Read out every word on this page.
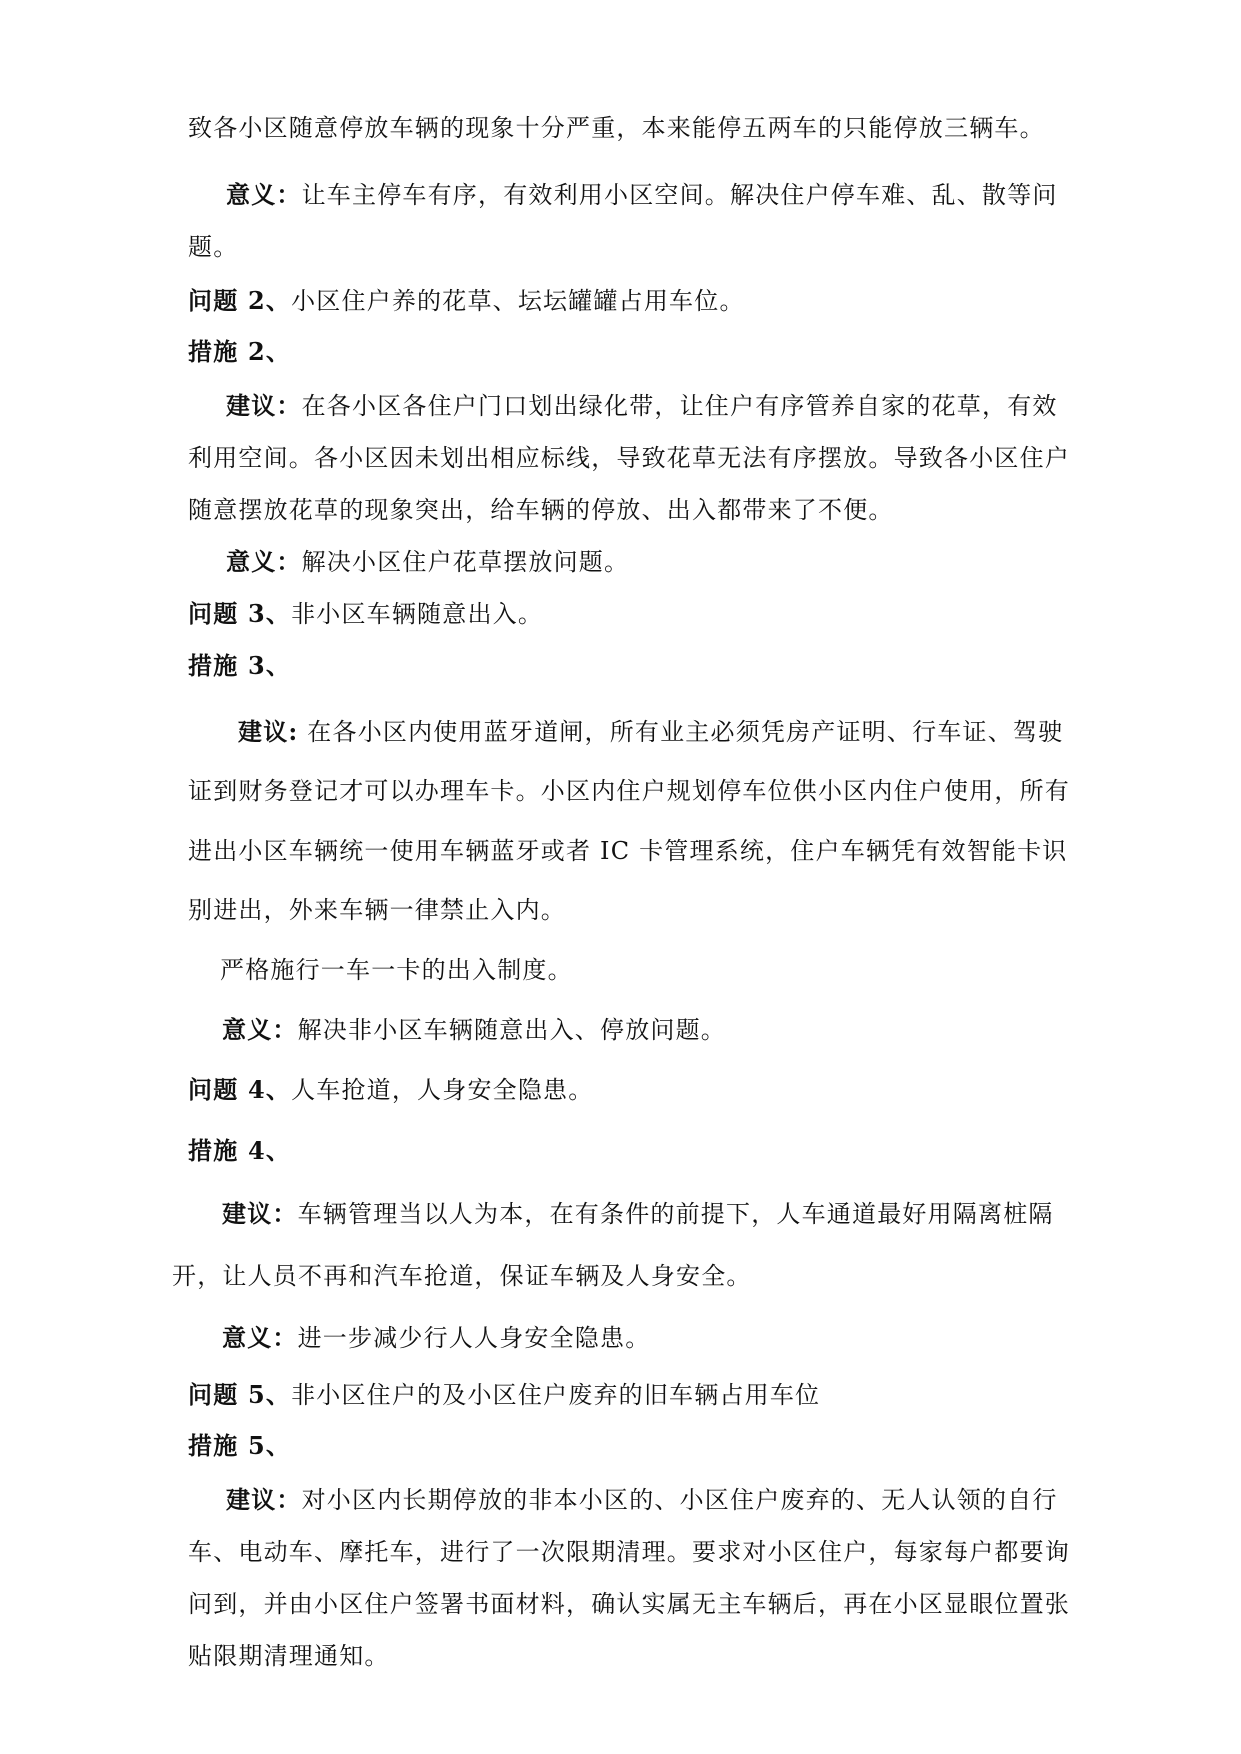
致各小区随意停放车辆的现象十分严重，本来能停五两车的只能停放三辆车。
意义：让车主停车有序，有效利用小区空间。解决住户停车难、乱、散等问
题。
问题 2、小区住户养的花草、坛坛罐罐占用车位。
措施 2、
建议：在各小区各住户门口划出绿化带，让住户有序管养自家的花草，有效
利用空间。各小区因未划出相应标线，导致花草无法有序摆放。导致各小区住户
随意摆放花草的现象突出，给车辆的停放、出入都带来了不便。
意义：解决小区住户花草摆放问题。
问题 3、非小区车辆随意出入。
措施 3、
建议: 在各小区内使用蓝牙道闸，所有业主必须凭房产证明、行车证、驾驶
证到财务登记才可以办理车卡。小区内住户规划停车位供小区内住户使用，所有
进出小区车辆统一使用车辆蓝牙或者 IC 卡管理系统，住户车辆凭有效智能卡识
别进出，外来车辆一律禁止入内。
严格施行一车一卡的出入制度。
意义：解决非小区车辆随意出入、停放问题。
问题 4、人车抢道，人身安全隐患。
措施 4、
建议：车辆管理当以人为本，在有条件的前提下，人车通道最好用隔离桩隔
开，让人员不再和汽车抢道，保证车辆及人身安全。
意义：进一步减少行人人身安全隐患。
问题 5、非小区住户的及小区住户废弃的旧车辆占用车位
措施 5、
建议：对小区内长期停放的非本小区的、小区住户废弃的、无人认领的自行
车、电动车、摩托车，进行了一次限期清理。要求对小区住户，每家每户都要询
问到，并由小区住户签署书面材料，确认实属无主车辆后，再在小区显眼位置张
贴限期清理通知。
